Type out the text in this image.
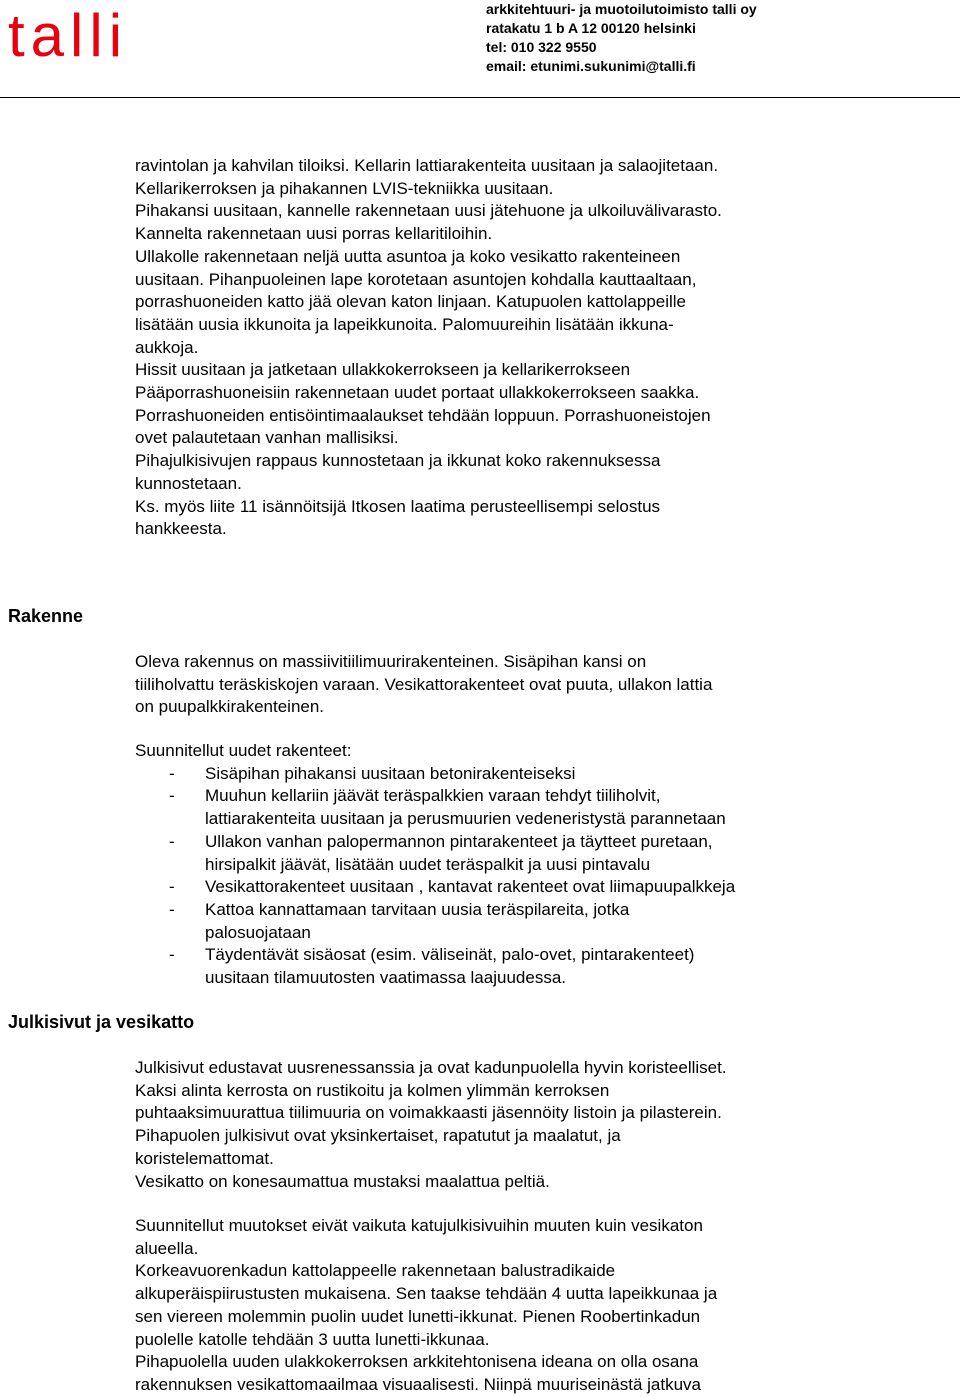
talli	arkkitehtuuri- ja muotoilutoimisto talli oy
ratakatu 1 b A 12 00120 helsinki
tel: 010 322 9550
email: etunimi.sukunimi@talli.fi

ravintolan ja kahvilan tiloiksi. Kellarin lattiarakenteita uusitaan ja salaojitetaan.

Kellarikerroksen ja pihakannen LVIS-tekniikka uusitaan.

Pihakansi uusitaan, kannelle rakennetaan uusi jätehuone ja ulkoiluvälivarasto.

Kannelta rakennetaan uusi porras kellaritiloihin.

Ullakolle rakennetaan neljä uutta asuntoa ja koko vesikatto rakenteineen

uusitaan. Pihanpuoleinen lape korotetaan asuntojen kohdalla kauttaaltaan,

porrashuoneiden katto jää olevan katon linjaan. Katupuolen kattolappeille

lisätään uusia ikkunoita ja lapeikkunoita. Palomuureihin lisätään ikkuna-

aukkoja.

Hissit uusitaan ja jatketaan ullakkokerrokseen ja kellarikerrokseen

Pääporrashuoneisiin rakennetaan uudet portaat ullakkokerrokseen saakka.

Porrashuoneiden entisöintimaalaukset tehdään loppuun. Porrashuoneistojen

ovet palautetaan vanhan mallisiksi.

Pihajulkisivujen rappaus kunnostetaan ja ikkunat koko rakennuksessa

kunnostetaan.

Ks. myös liite 11 isännöitsijä Itkosen laatima perusteellisempi selostus

hankkeesta.

Rakenne

Oleva rakennus on massiivitiilimuurirakenteinen. Sisäpihan kansi on

tiiliholvattu teräskiskojen varaan. Vesikattorakenteet ovat puuta, ullakon lattia

on puupalkkirakenteinen.

Suunnitellut uudet rakenteet:

- Sisäpihan pihakansi uusitaan betonirakenteiseksi
- Muuhun kellariin jäävät teräspalkkien varaan tehdyt tiiliholvit,
lattiarakenteita uusitaan ja perusmuurien vedeneristystä parannetaan
- Ullakon vanhan palopermannon pintarakenteet ja täytteet puretaan,
hirsipalkit jäävät, lisätään uudet teräspalkit ja uusi pintavalu
- Vesikattorakenteet uusitaan , kantavat rakenteet ovat liimapuupalkkeja
- Kattoa kannattamaan tarvitaan uusia teräspilareita, jotka
palosuojataan
- Täydentävät sisäosat (esim. väliseinät, palo-ovet, pintarakenteet)
uusitaan tilamuutosten vaatimassa laajuudessa.
Julkisivut ja vesikatto

Julkisivut edustavat uusrenessanssia ja ovat kadunpuolella hyvin koristeelliset.

Kaksi alinta kerrosta on rustikoitu ja kolmen ylimmän kerroksen

puhtaaksimuurattua tiilimuuria on voimakkaasti jäsennöity listoin ja pilasterein.

Pihapuolen julkisivut ovat yksinkertaiset, rapatutut ja maalatut, ja

koristelemattomat.

Vesikatto on konesaumattua mustaksi maalattua peltiä.

Suunnitellut muutokset eivät vaikuta katujulkisivuihin muuten kuin vesikaton

alueella.

Korkeavuorenkadun kattolappeelle rakennetaan balustradikaide

alkuperäispiirustusten mukaisena. Sen taakse tehdään 4 uutta lapeikkunaa ja

sen viereen molemmin puolin uudet lunetti-ikkunat. Pienen Roobertinkadun

puolelle katolle tehdään 3 uutta lunetti-ikkunaa.

Pihapuolella uuden ulakkokerroksen arkkitehtonisena ideana on olla osana

rakennuksen vesikattomaailmaa visuaalisesti. Niinpä muuriseinästä jatkuva
